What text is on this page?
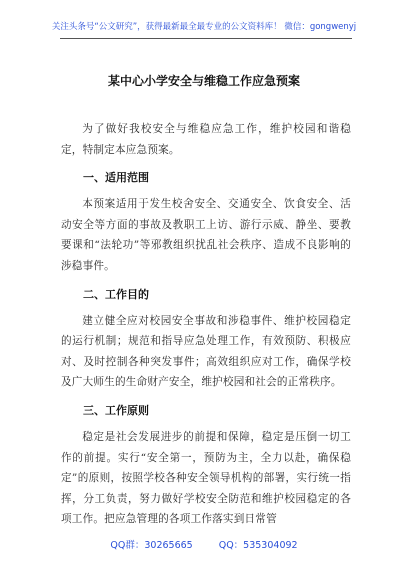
关注头条号“公文研究”，获得最新最全最专业的公文资料库！ 微信：gongwenyj
某中心小学安全与维稳工作应急预案

为了做好我校安全与维稳应急工作，维护校园和谐稳定，特制定本应急预案。

一、适用范围

本预案适用于发生校舍安全、交通安全、饮食安全、活动安全等方面的事故及教职工上访、游行示威、静坐、要教要课和“法轮功”等邪教组织扰乱社会秩序、造成不良影响的涉稳事件。

二、工作目的

建立健全应对校园安全事故和涉稳事件、维护校园稳定的运行机制；规范和指导应急处理工作，有效预防、积极应对、及时控制各种突发事件；高效组织应对工作，确保学校及广大师生的生命财产安全，维护校园和社会的正常秩序。

三、工作原则

稳定是社会发展进步的前提和保障，稳定是压倒一切工作的前提。实行“安全第一，预防为主，全力以赴，确保稳定”的原则，按照学校各种安全领导机构的部署，实行统一指挥，分工负责，努力做好学校安全防范和维护校园稳定的各项工作。把应急管理的各项工作落实到日常管

QQ群：30265665	QQ：535304092
